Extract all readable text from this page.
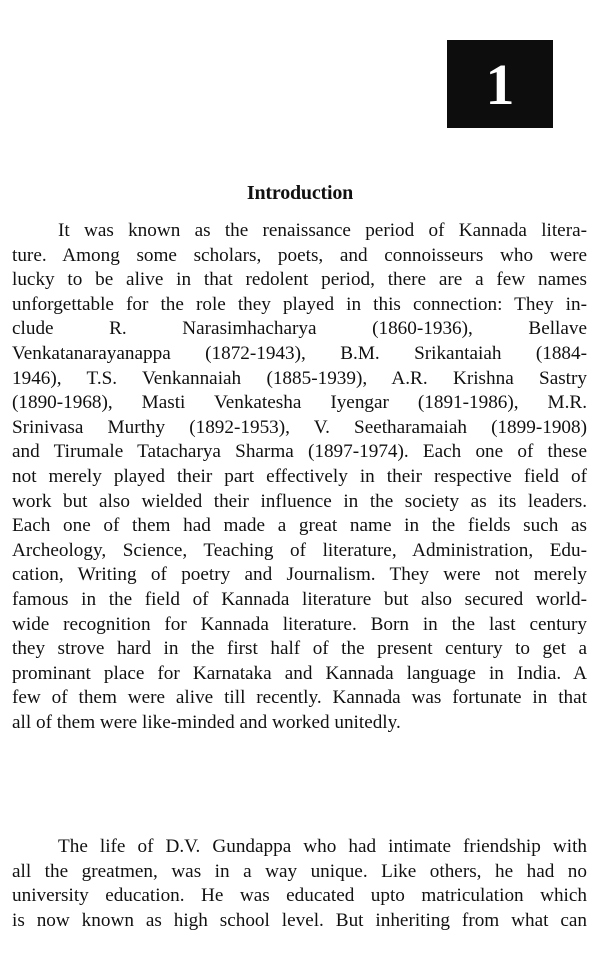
1
Introduction

It was known as the renaissance period of Kannada litera-
ture. Among some scholars, poets, and connoisseurs who were
lucky to be alive in that redolent period, there are a few names
unforgettable for the role they played in this connection: They in-
clude R. Narasimhacharya (1860-1936), Bellave
Venkatanarayanappa (1872-1943), B.M. Srikantaiah (1884-
1946), T.S. Venkannaiah (1885-1939), A.R. Krishna Sastry
(1890-1968), Masti Venkatesha Iyengar (1891-1986), M.R.
Srinivasa Murthy (1892-1953), V. Seetharamaiah (1899-1908)
and Tirumale Tatacharya Sharma (1897-1974). Each one of these
not merely played their part effectively in their respective field of
work but also wielded their influence in the society as its leaders.
Each one of them had made a great name in the fields such as
Archeology, Science, Teaching of literature, Administration, Edu-
cation, Writing of poetry and Journalism. They were not merely
famous in the field of Kannada literature but also secured world-
wide recognition for Kannada literature. Born in the last century
they strove hard in the first half of the present century to get a
prominant place for Karnataka and Kannada language in India. A
few of them were alive till recently. Kannada was fortunate in that
all of them were like-minded and worked unitedly.

The life of D.V. Gundappa who had intimate friendship with
all the greatmen, was in a way unique. Like others, he had no
university education. He was educated upto matriculation which
is now known as high school level. But inheriting from what can
